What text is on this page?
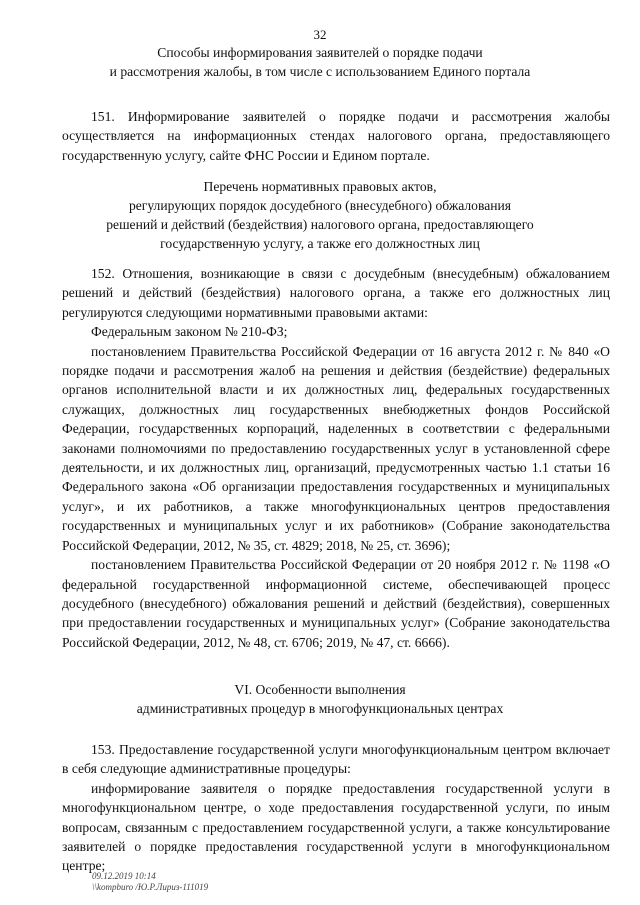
32
Способы информирования заявителей о порядке подачи
и рассмотрения жалобы, в том числе с использованием Единого портала

151. Информирование заявителей о порядке подачи и рассмотрения жалобы осуществляется на информационных стендах налогового органа, предоставляющего государственную услугу, сайте ФНС России и Едином портале.

Перечень нормативных правовых актов,
регулирующих порядок досудебного (внесудебного) обжалования
решений и действий (бездействия) налогового органа, предоставляющего
государственную услугу, а также его должностных лиц

152. Отношения, возникающие в связи с досудебным (внесудебным) обжалованием решений и действий (бездействия) налогового органа, а также его должностных лиц регулируются следующими нормативными правовыми актами:

Федеральным законом № 210-ФЗ;

постановлением Правительства Российской Федерации от 16 августа 2012 г. № 840 «О порядке подачи и рассмотрения жалоб на решения и действия (бездействие) федеральных органов исполнительной власти и их должностных лиц, федеральных государственных служащих, должностных лиц государственных внебюджетных фондов Российской Федерации, государственных корпораций, наделенных в соответствии с федеральными законами полномочиями по предоставлению государственных услуг в установленной сфере деятельности, и их должностных лиц, организаций, предусмотренных частью 1.1 статьи 16 Федерального закона «Об организации предоставления государственных и муниципальных услуг», и их работников, а также многофункциональных центров предоставления государственных и муниципальных услуг и их работников» (Собрание законодательства Российской Федерации, 2012, № 35, ст. 4829; 2018, № 25, ст. 3696);

постановлением Правительства Российской Федерации от 20 ноября 2012 г. № 1198 «О федеральной государственной информационной системе, обеспечивающей процесс досудебного (внесудебного) обжалования решений и действий (бездействия), совершенных при предоставлении государственных и муниципальных услуг» (Собрание законодательства Российской Федерации, 2012, № 48, ст. 6706; 2019, № 47, ст. 6666).

VI. Особенности выполнения
административных процедур в многофункциональных центрах

153. Предоставление государственной услуги многофункциональным центром включает в себя следующие административные процедуры:

информирование заявителя о порядке предоставления государственной услуги в многофункциональном центре, о ходе предоставления государственной услуги, по иным вопросам, связанным с предоставлением государственной услуги, а также консультирование заявителей о порядке предоставления государственной услуги в многофункциональном центре;

09.12.2019 10:14
\\kompburo /Ю.Р.Лириз-111019
